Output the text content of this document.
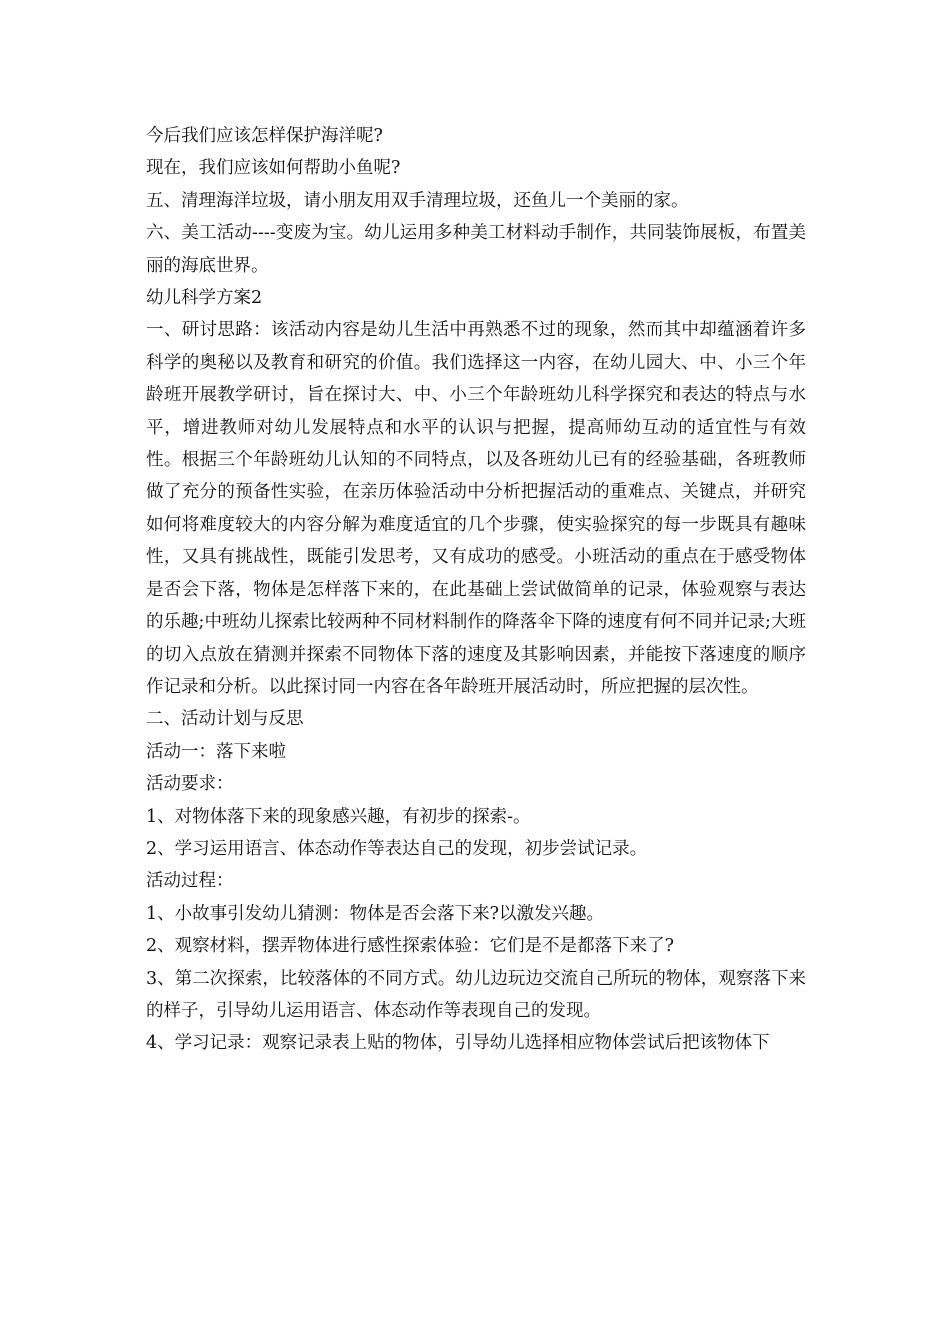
今后我们应该怎样保护海洋呢?

现在，我们应该如何帮助小鱼呢?

五、清理海洋垃圾，请小朋友用双手清理垃圾，还鱼儿一个美丽的家。

六、美工活动----变废为宝。幼儿运用多种美工材料动手制作，共同装饰展板，布置美丽的海底世界。

幼儿科学方案2

一、研讨思路：该活动内容是幼儿生活中再熟悉不过的现象，然而其中却蕴涵着许多科学的奥秘以及教育和研究的价值。我们选择这一内容，在幼儿园大、中、小三个年龄班开展教学研讨，旨在探讨大、中、小三个年龄班幼儿科学探究和表达的特点与水平，增进教师对幼儿发展特点和水平的认识与把握，提高师幼互动的适宜性与有效性。根据三个年龄班幼儿认知的不同特点，以及各班幼儿已有的经验基础，各班教师做了充分的预备性实验，在亲历体验活动中分析把握活动的重难点、关键点，并研究如何将难度较大的内容分解为难度适宜的几个步骤，使实验探究的每一步既具有趣味性，又具有挑战性，既能引发思考，又有成功的感受。小班活动的重点在于感受物体是否会下落，物体是怎样落下来的，在此基础上尝试做简单的记录，体验观察与表达的乐趣;中班幼儿探索比较两种不同材料制作的降落伞下降的速度有何不同并记录;大班的切入点放在猜测并探索不同物体下落的速度及其影响因素，并能按下落速度的顺序作记录和分析。以此探讨同一内容在各年龄班开展活动时，所应把握的层次性。

二、活动计划与反思

活动一：落下来啦

活动要求：

1、对物体落下来的现象感兴趣，有初步的探索-。

2、学习运用语言、体态动作等表达自己的发现，初步尝试记录。

活动过程：

1、小故事引发幼儿猜测：物体是否会落下来?以激发兴趣。

2、观察材料，摆弄物体进行感性探索体验：它们是不是都落下来了?

3、第二次探索，比较落体的不同方式。幼儿边玩边交流自己所玩的物体，观察落下来的样子，引导幼儿运用语言、体态动作等表现自己的发现。

4、学习记录：观察记录表上贴的物体，引导幼儿选择相应物体尝试后把该物体下
